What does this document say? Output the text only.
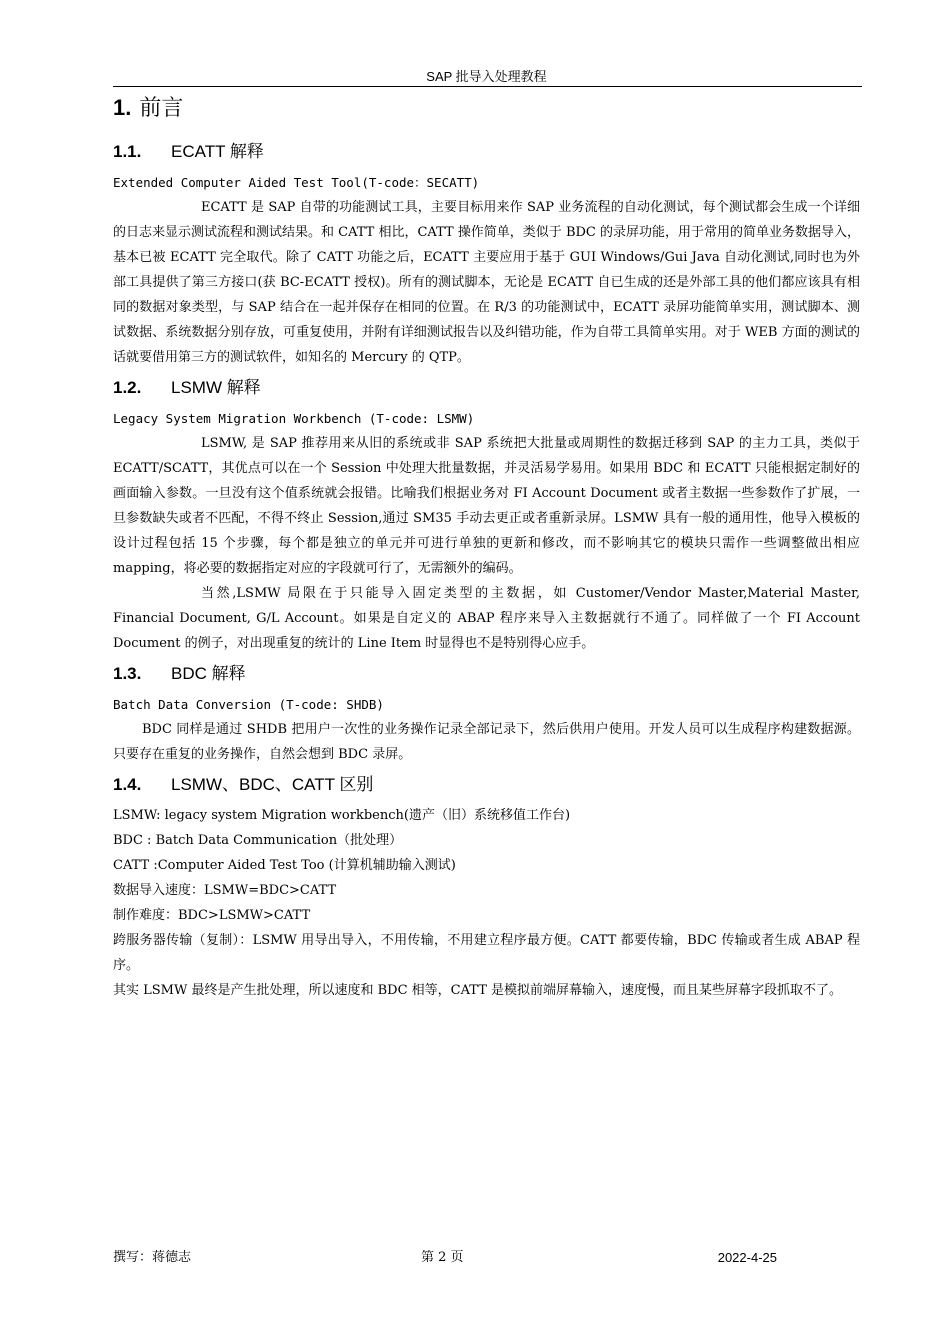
SAP 批导入处理教程
1. 前言
1.1.	ECATT 解释

Extended Computer Aided Test Tool(T-code：SECATT)

ECATT 是 SAP 自带的功能测试工具，主要目标用来作 SAP 业务流程的自动化测试，每个测试都会生成一个详细的日志来显示测试流程和测试结果。和 CATT 相比，CATT 操作简单，类似于 BDC 的录屏功能，用于常用的简单业务数据导入，基本已被 ECATT 完全取代。除了 CATT 功能之后，ECATT 主要应用于基于 GUI Windows/Gui Java 自动化测试,同时也为外部工具提供了第三方接口(获 BC-ECATT 授权)。所有的测试脚本，无论是 ECATT 自已生成的还是外部工具的他们都应该具有相同的数据对象类型，与 SAP 结合在一起并保存在相同的位置。在 R/3 的功能测试中，ECATT 录屏功能简单实用，测试脚本、测试数据、系统数据分别存放，可重复使用，并附有详细测试报告以及纠错功能，作为自带工具简单实用。对于 WEB 方面的测试的话就要借用第三方的测试软件，如知名的 Mercury 的 QTP。

1.2.	LSMW 解释

Legacy System Migration Workbench (T-code: LSMW)

LSMW, 是 SAP 推荐用来从旧的系统或非 SAP 系统把大批量或周期性的数据迁移到 SAP 的主力工具，类似于 ECATT/SCATT，其优点可以在一个 Session 中处理大批量数据，并灵活易学易用。如果用 BDC 和 ECATT 只能根据定制好的画面输入参数。一旦没有这个值系统就会报错。比喻我们根据业务对 FI Account Document 或者主数据一些参数作了扩展，一旦参数缺失或者不匹配，不得不终止 Session,通过 SM35 手动去更正或者重新录屏。LSMW 具有一般的通用性，他导入模板的设计过程包括 15 个步骤，每个都是独立的单元并可进行单独的更新和修改，而不影响其它的模块只需作一些调整做出相应 mapping，将必要的数据指定对应的字段就可行了，无需额外的编码。

当然,LSMW 局限在于只能导入固定类型的主数据，如 Customer/Vendor Master,Material Master, Financial Document, G/L Account。如果是自定义的 ABAP 程序来导入主数据就行不通了。同样做了一个 FI Account Document 的例子，对出现重复的统计的 Line Item 时显得也不是特别得心应手。

1.3.	BDC 解释

Batch Data Conversion (T-code: SHDB)

BDC 同样是通过 SHDB 把用户一次性的业务操作记录全部记录下，然后供用户使用。开发人员可以生成程序构建数据源。只要存在重复的业务操作，自然会想到 BDC 录屏。

1.4.	LSMW、BDC、CATT 区别

LSMW: legacy system Migration workbench(遗产（旧）系统移值工作台)

BDC : Batch Data Communication（批处理）

CATT :Computer Aided Test Too (计算机辅助输入测试)

数据导入速度：LSMW=BDC>CATT

制作难度：BDC>LSMW>CATT

跨服务器传输（复制）：LSMW 用导出导入，不用传输，不用建立程序最方便。CATT 都要传输，BDC 传输或者生成 ABAP 程序。

其实 LSMW 最终是产生批处理，所以速度和 BDC 相等，CATT 是模拟前端屏幕输入，速度慢，而且某些屏幕字段抓取不了。

撰写：蒋德志	第 2 页	2022-4-25
